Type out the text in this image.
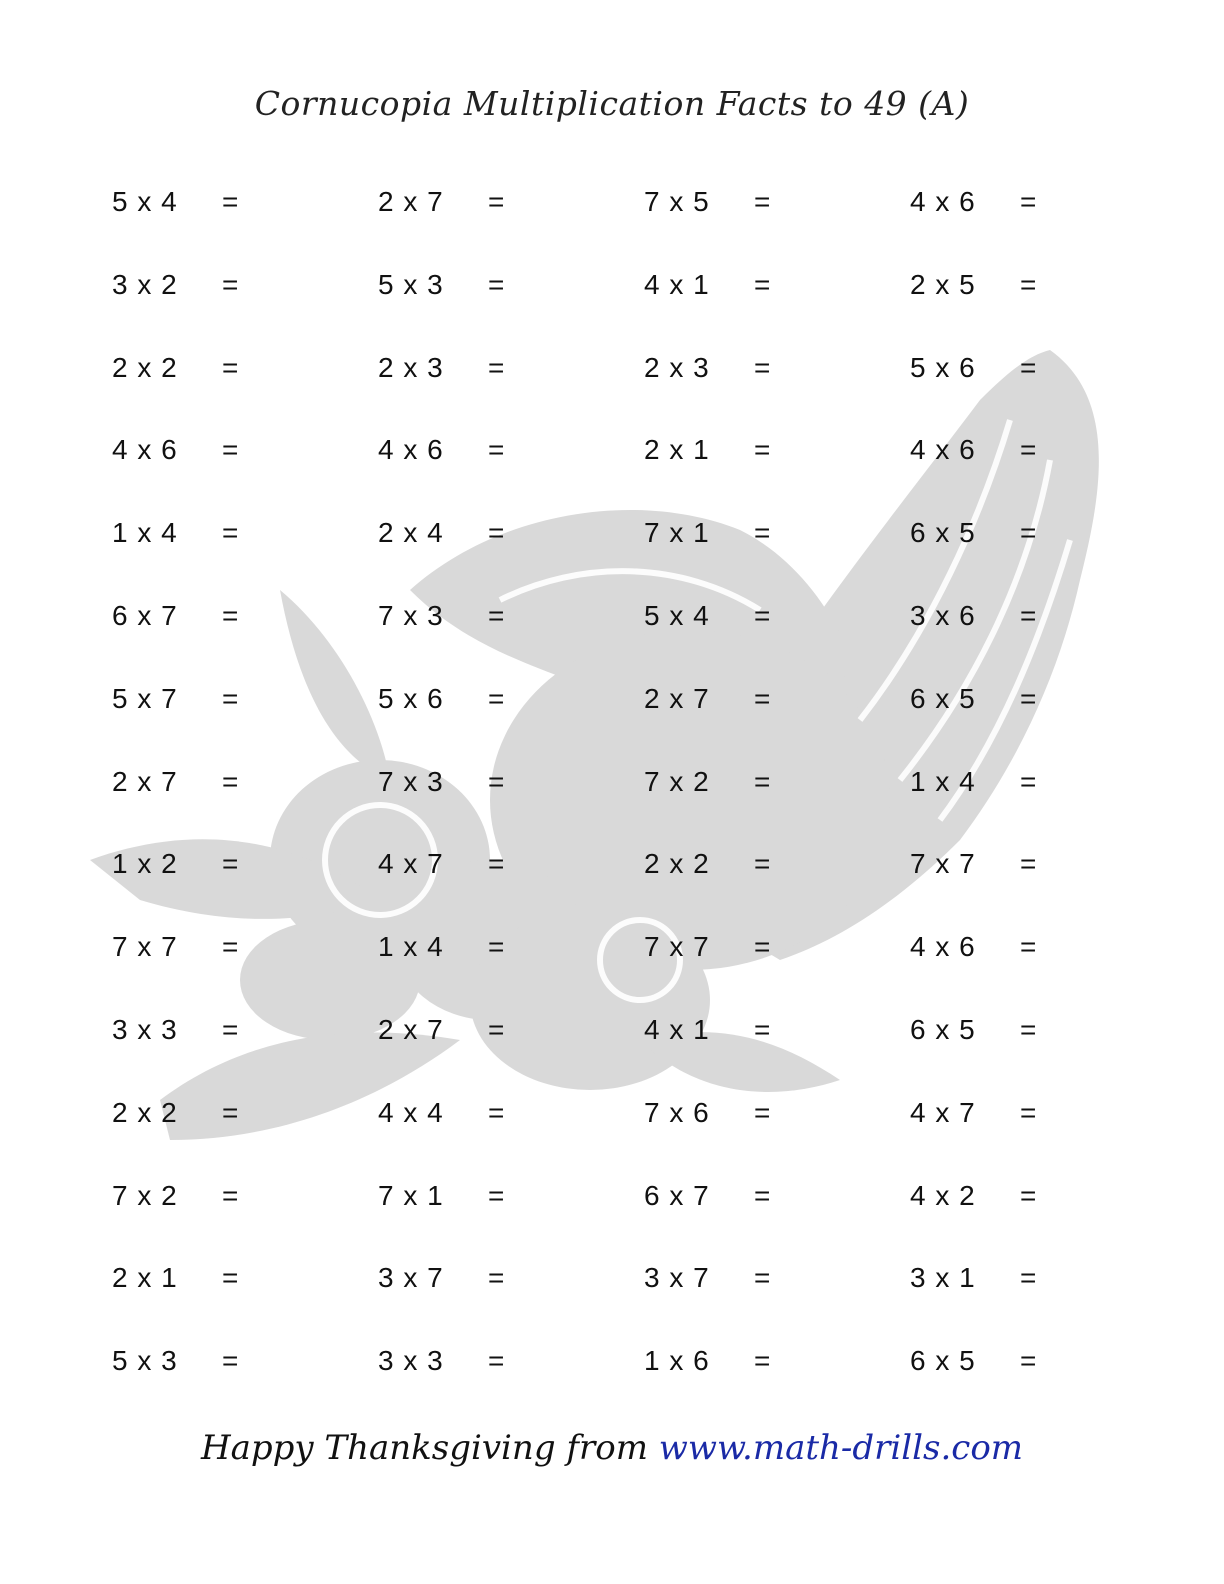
Cornucopia Multiplication Facts to 49 (A)
5 x 4 =	2 x 7 =	7 x 5 =	4 x 6 =
3 x 2 =	5 x 3 =	4 x 1 =	2 x 5 =
2 x 2 =	2 x 3 =	2 x 3 =	5 x 6 =
4 x 6 =	4 x 6 =	2 x 1 =	4 x 6 =
1 x 4 =	2 x 4 =	7 x 1 =	6 x 5 =
6 x 7 =	7 x 3 =	5 x 4 =	3 x 6 =
5 x 7 =	5 x 6 =	2 x 7 =	6 x 5 =
2 x 7 =	7 x 3 =	7 x 2 =	1 x 4 =
1 x 2 =	4 x 7 =	2 x 2 =	7 x 7 =
7 x 7 =	1 x 4 =	7 x 7 =	4 x 6 =
3 x 3 =	2 x 7 =	4 x 1 =	6 x 5 =
2 x 2 =	4 x 4 =	7 x 6 =	4 x 7 =
7 x 2 =	7 x 1 =	6 x 7 =	4 x 2 =
2 x 1 =	3 x 7 =	3 x 7 =	3 x 1 =
5 x 3 =	3 x 3 =	1 x 6 =	6 x 5 =
Happy Thanksgiving from www.math-drills.com
